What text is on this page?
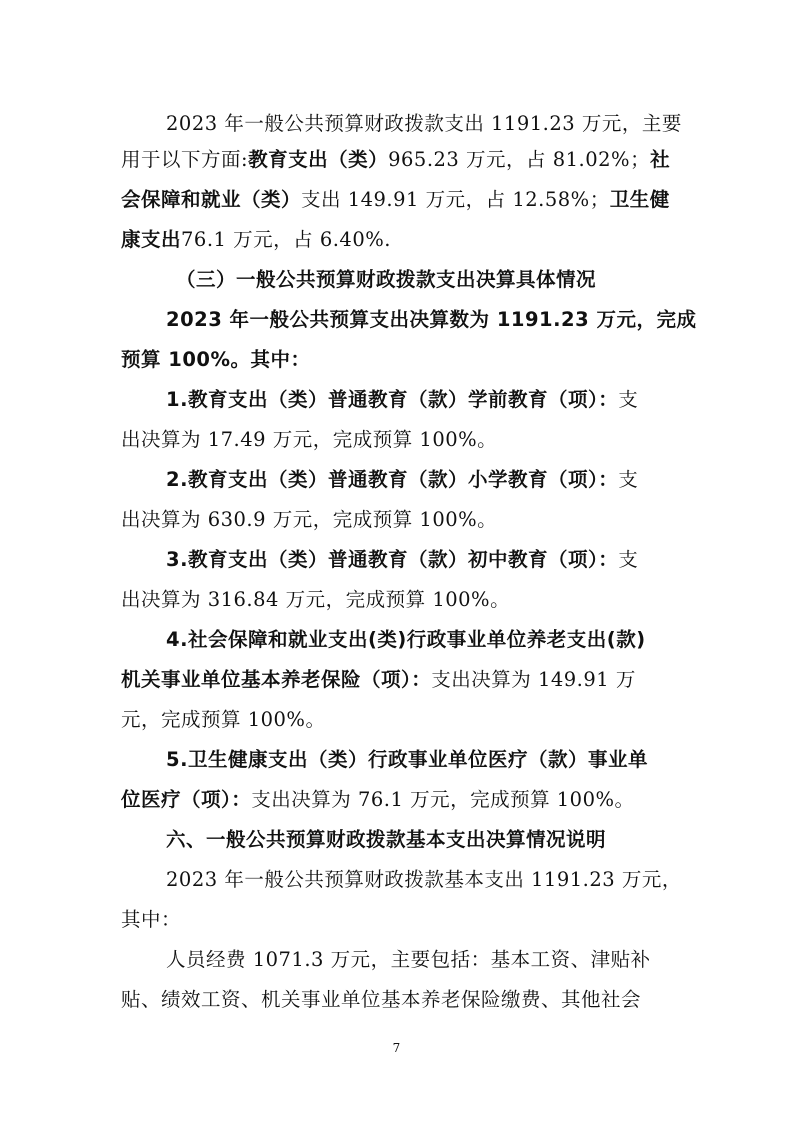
2023 年一般公共预算财政拨款支出 1191.23 万元，主要
用于以下方面:教育支出（类）965.23 万元，占 81.02%；社
会保障和就业（类）支出 149.91 万元，占 12.58%；卫生健
康支出76.1 万元，占 6.40%.
（三）一般公共预算财政拨款支出决算具体情况
2023 年一般公共预算支出决算数为 1191.23 万元，完成
预算 100%。其中：
1.教育支出（类）普通教育（款）学前教育（项）：支
出决算为 17.49 万元，完成预算 100%。
2.教育支出（类）普通教育（款）小学教育（项）：支
出决算为 630.9 万元，完成预算 100%。
3.教育支出（类）普通教育（款）初中教育（项）：支
出决算为 316.84 万元，完成预算 100%。
4.社会保障和就业支出(类)行政事业单位养老支出(款)
机关事业单位基本养老保险（项）：支出决算为 149.91 万
元，完成预算 100%。
5.卫生健康支出（类）行政事业单位医疗（款）事业单
位医疗（项）：支出决算为 76.1 万元，完成预算 100%。
六、一般公共预算财政拨款基本支出决算情况说明
2023 年一般公共预算财政拨款基本支出 1191.23 万元，
其中：
人员经费 1071.3 万元，主要包括：基本工资、津贴补
贴、绩效工资、机关事业单位基本养老保险缴费、其他社会
7
